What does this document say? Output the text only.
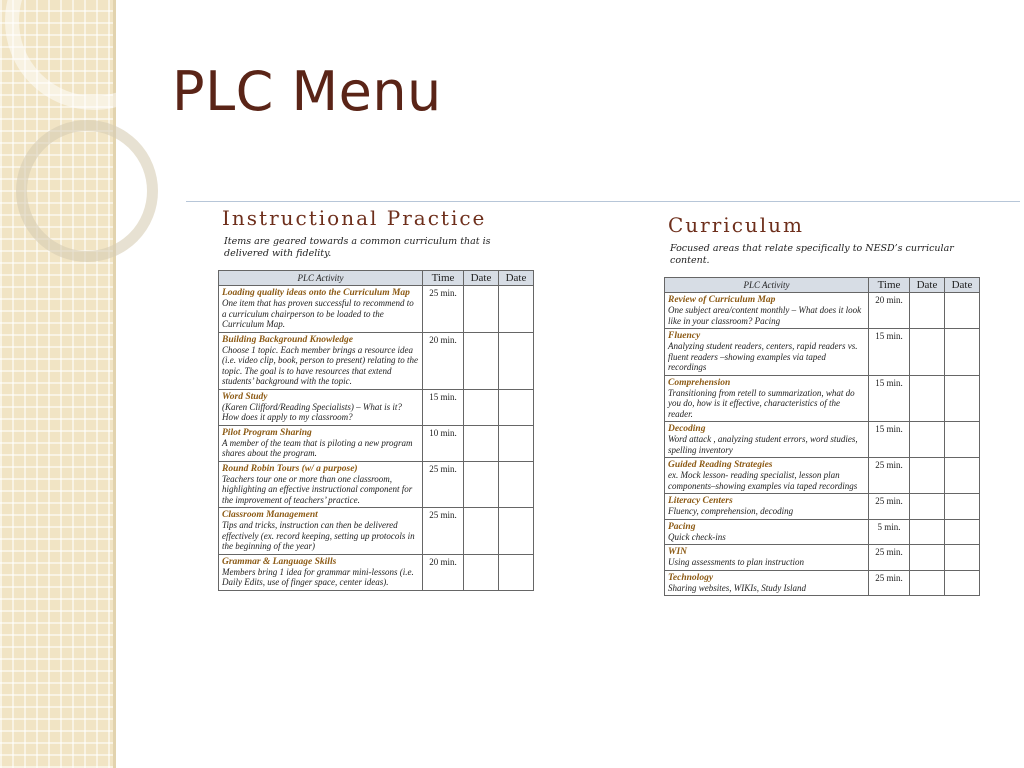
PLC Menu
Instructional Practice
Items are geared towards a common curriculum that is delivered with fidelity.
PLC Activity	Time	Date	Date

Loading quality ideas onto the Curriculum Map
One item that has proven successful to recommend to a curriculum chairperson to be loaded to the Curriculum Map.	25 min.		

Building Background Knowledge
Choose 1 topic. Each member brings a resource idea (i.e. video clip, book, person to present) relating to the topic. The goal is to have resources that extend students’ background with the topic.	20 min.		

Word Study
(Karen Clifford/Reading Specialists) – What is it? How does it apply to my classroom?	15 min.		

Pilot Program Sharing
A member of the team that is piloting a new program shares about the program.	10 min.		

Round Robin Tours (w/ a purpose)
Teachers tour one or more than one classroom, highlighting an effective instructional component for the improvement of teachers’ practice.	25 min.		

Classroom Management
Tips and tricks, instruction can then be delivered effectively (ex. record keeping, setting up protocols in the beginning of the year)	25 min.		

Grammar & Language Skills
Members bring 1 idea for grammar mini-lessons (i.e. Daily Edits, use of finger space, center ideas).	20 min.		
Curriculum
Focused areas that relate specifically to NESD’s curricular content.
PLC Activity	Time	Date	Date

Review of Curriculum Map
One subject area/content monthly – What does it look like in your classroom? Pacing	20 min.		

Fluency
Analyzing student readers, centers, rapid readers vs. fluent readers –showing examples via taped recordings	15 min.		

Comprehension
Transitioning from retell to summarization, what do you do, how is it effective, characteristics of the reader.	15 min.		

Decoding
Word attack , analyzing student errors, word studies, spelling inventory	15 min.		

Guided Reading Strategies
ex. Mock lesson- reading specialist, lesson plan components–showing examples via taped recordings	25 min.		

Literacy Centers
Fluency, comprehension, decoding	25 min.		

Pacing
Quick check-ins	5 min.		

WIN
Using assessments to plan instruction	25 min.		

Technology
Sharing websites, WIKIs, Study Island	25 min.		
